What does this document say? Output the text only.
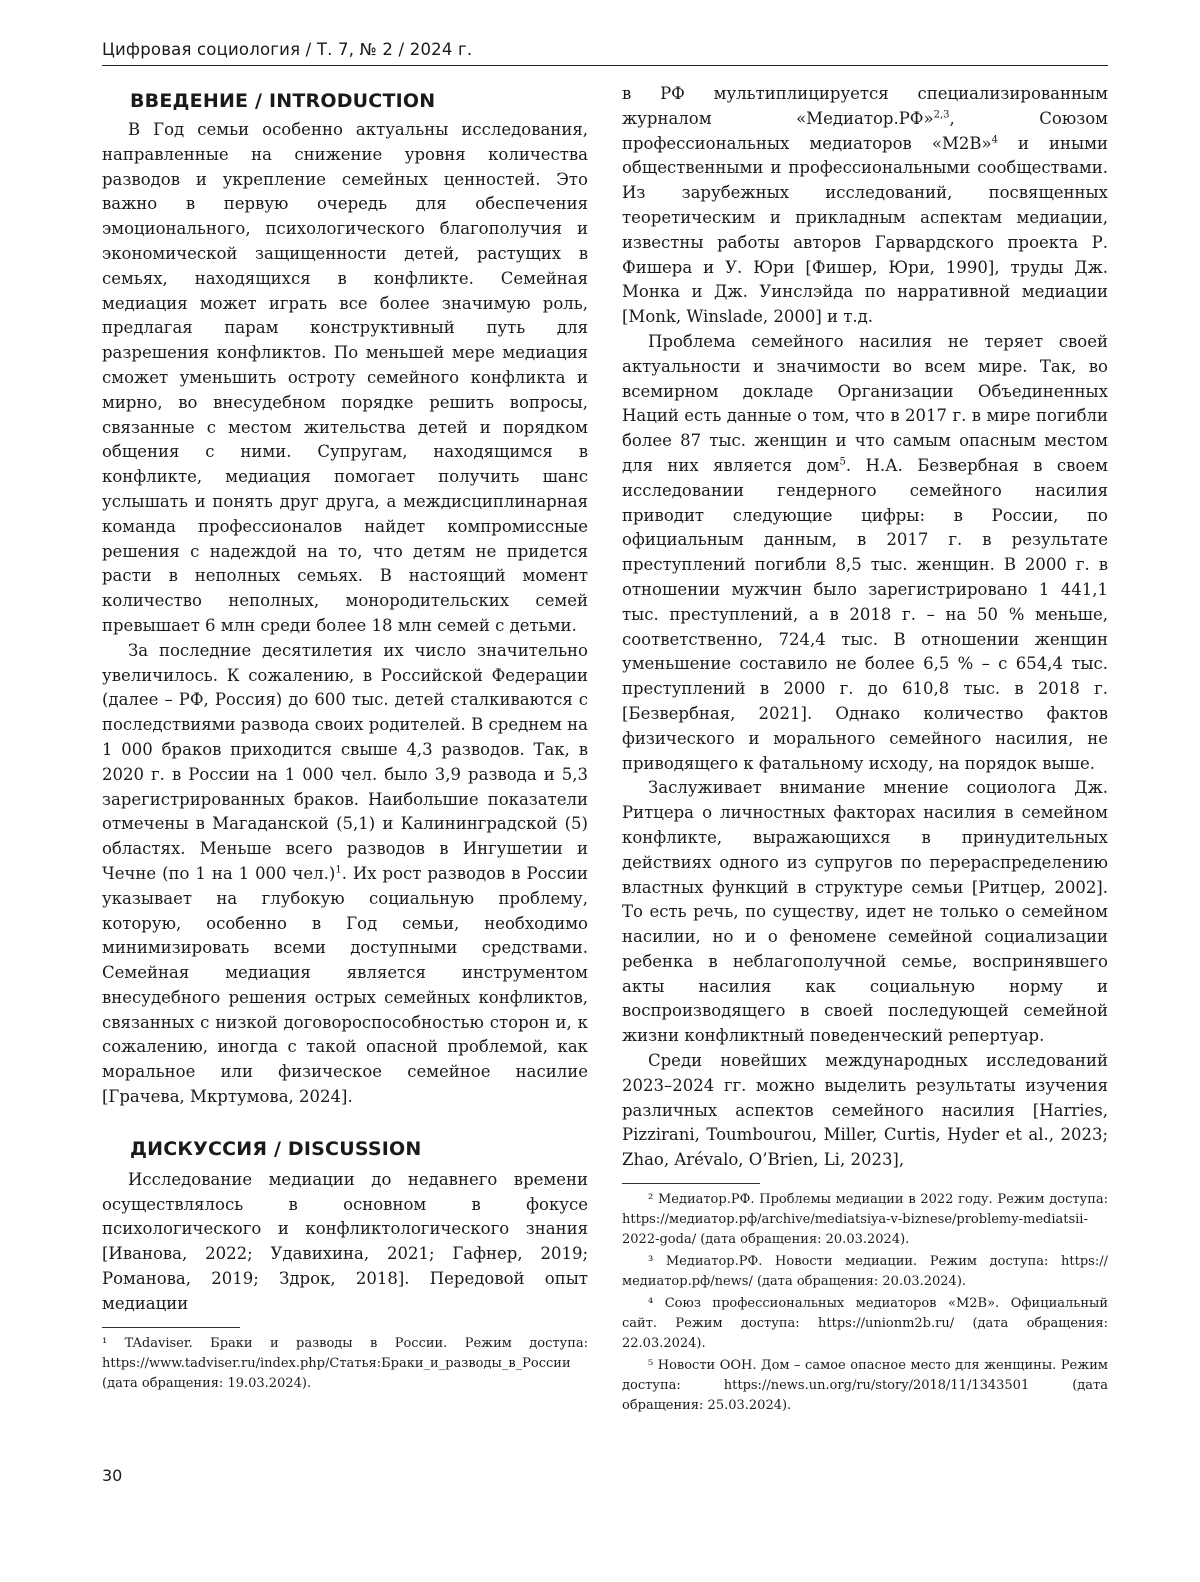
Цифровая социология / Т. 7, № 2 / 2024 г.
ВВЕДЕНИЕ / INTRODUCTION

В Год семьи особенно актуальны исследования, направленные на снижение уровня количества разводов и укрепление семейных ценностей. Это важно в первую очередь для обеспечения эмоционального, психологического благополучия и экономической защищенности детей, растущих в семьях, находящихся в конфликте. Семейная медиация может играть все более значимую роль, предлагая парам конструктивный путь для разрешения конфликтов. По меньшей мере медиация сможет уменьшить остроту семейного конфликта и мирно, во внесудебном порядке решить вопросы, связанные с местом жительства детей и порядком общения с ними. Супругам, находящимся в конфликте, медиация помогает получить шанс услышать и понять друг друга, а междисциплинарная команда профессионалов найдет компромиссные решения с надеждой на то, что детям не придется расти в неполных семьях. В настоящий момент количество неполных, монородительских семей превышает 6 млн среди более 18 млн семей с детьми.

За последние десятилетия их число значительно увеличилось. К сожалению, в Российской Федерации (далее – РФ, Россия) до 600 тыс. детей сталкиваются с последствиями развода своих родителей. В среднем на 1 000 браков приходится свыше 4,3 разводов. Так, в 2020 г. в России на 1 000 чел. было 3,9 развода и 5,3 зарегистрированных браков. Наибольшие показатели отмечены в Магаданской (5,1) и Калининградской (5) областях. Меньше всего разводов в Ингушетии и Чечне (по 1 на 1 000 чел.)$^1$. Их рост разводов в России указывает на глубокую социальную проблему, которую, особенно в Год семьи, необходимо минимизировать всеми доступными средствами. Семейная медиация является инструментом внесудебного решения острых семейных конфликтов, связанных с низкой договороспособностью сторон и, к сожалению, иногда с такой опасной проблемой, как моральное или физическое семейное насилие [Грачева, Мкртумова, 2024].

ДИСКУССИЯ / DISCUSSION

Исследование медиации до недавнего времени осуществлялось в основном в фокусе психологического и конфликтологического знания [Иванова, 2022; Удавихина, 2021; Гафнер, 2019; Романова, 2019; Здрок, 2018]. Передовой опыт медиации

¹ TAdaviser. Браки и разводы в России. Режим доступа: https://www.tadviser.ru/index.php/Статья:Браки_и_разводы_в_России (дата обращения: 19.03.2024).

в РФ мультиплицируется специализированным журналом «Медиатор.РФ»$^{2,3}$, Союзом профессиональных медиаторов «М2В»$^4$ и иными общественными и профессиональными сообществами. Из зарубежных исследований, посвященных теоретическим и прикладным аспектам медиации, известны работы авторов Гарвардского проекта Р. Фишера и У. Юри [Фишер, Юри, 1990], труды Дж. Монка и Дж. Уинслэйда по нарративной медиации [Monk, Winslade, 2000] и т.д.

Проблема семейного насилия не теряет своей актуальности и значимости во всем мире. Так, во всемирном докладе Организации Объединенных Наций есть данные о том, что в 2017 г. в мире погибли более 87 тыс. женщин и что самым опасным местом для них является дом$^5$. Н.А. Безвербная в своем исследовании гендерного семейного насилия приводит следующие цифры: в России, по официальным данным, в 2017 г. в результате преступлений погибли 8,5 тыс. женщин. В 2000 г. в отношении мужчин было зарегистрировано 1 441,1 тыс. преступлений, а в 2018 г. – на 50 % меньше, соответственно, 724,4 тыс. В отношении женщин уменьшение составило не более 6,5 % – с 654,4 тыс. преступлений в 2000 г. до 610,8 тыс. в 2018 г. [Безвербная, 2021]. Однако количество фактов физического и морального семейного насилия, не приводящего к фатальному исходу, на порядок выше.

Заслуживает внимание мнение социолога Дж. Ритцера о личностных факторах насилия в семейном конфликте, выражающихся в принудительных действиях одного из супругов по перераспределению властных функций в структуре семьи [Ритцер, 2002]. То есть речь, по существу, идет не только о семейном насилии, но и о феномене семейной социализации ребенка в неблагополучной семье, воспринявшего акты насилия как социальную норму и воспроизводящего в своей последующей семейной жизни конфликтный поведенческий репертуар.

Среди новейших международных исследований 2023–2024 гг. можно выделить результаты изучения различных аспектов семейного насилия [Harries, Pizzirani, Toumbourou, Miller, Curtis, Hyder et al., 2023; Zhao, Arévalo, O’Brien, Li, 2023],

² Медиатор.РФ. Проблемы медиации в 2022 году. Режим доступа: https://медиатор.рф/archive/mediatsiya-v-biznese/problemy-mediatsii-2022-goda/ (дата обращения: 20.03.2024).

³ Медиатор.РФ. Новости медиации. Режим доступа: https://медиатор.рф/news/ (дата обращения: 20.03.2024).

⁴ Союз профессиональных медиаторов «М2В». Официальный сайт. Режим доступа: https://unionm2b.ru/ (дата обращения: 22.03.2024).

⁵ Новости ООН. Дом – самое опасное место для женщины. Режим доступа: https://news.un.org/ru/story/2018/11/1343501 (дата обращения: 25.03.2024).

30
